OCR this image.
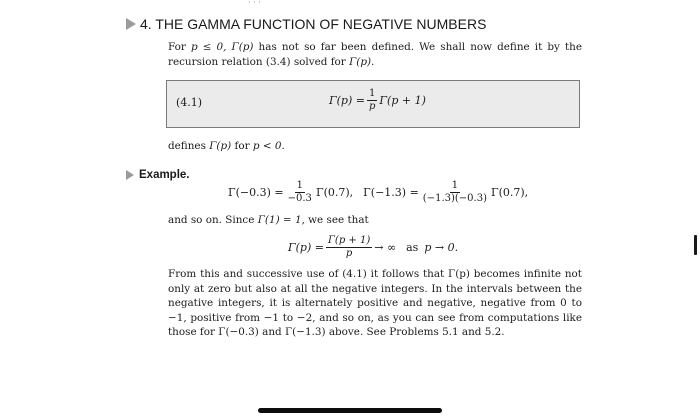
· · ·
4. THE GAMMA FUNCTION OF NEGATIVE NUMBERS
For p ≤ 0, Γ(p) has not so far been defined. We shall now define it by the recursion relation (3.4) solved for Γ(p).
(4.1)	$\Gamma(p) = \frac{1}{p} \Gamma(p + 1)$
defines Γ(p) for p < 0.
Example.
$\Gamma(-0.3) = \frac{1}{-0.3} \Gamma(0.7)$, $\Gamma(-1.3) = \frac{1}{(-1.3)(-0.3)} \Gamma(0.7)$,
and so on. Since Γ(1) = 1, we see that
$\Gamma(p) = \frac{\Gamma(p + 1)}{p}$ → ∞ as p → 0.
From this and successive use of (4.1) it follows that Γ(p) becomes infinite not only at zero but also at all the negative integers. In the intervals between the negative integers, it is alternately positive and negative, negative from 0 to −1, positive from −1 to −2, and so on, as you can see from computations like those for Γ(−0.3) and Γ(−1.3) above. See Problems 5.1 and 5.2.
